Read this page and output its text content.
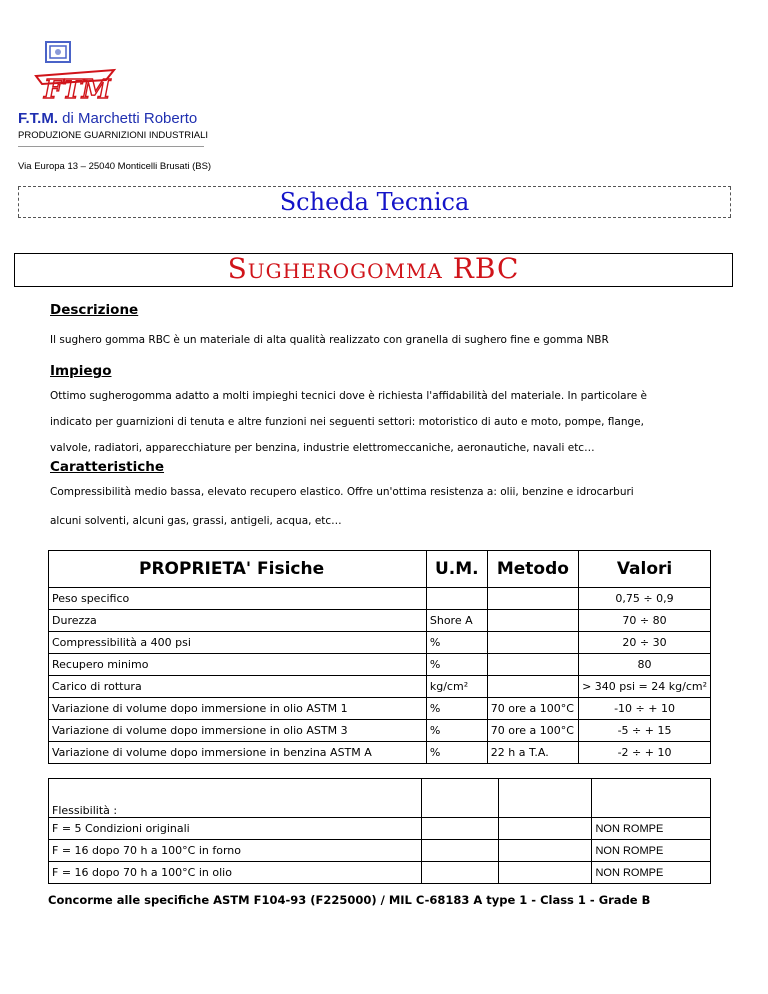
FTM
F.T.M. di Marchetti Roberto
PRODUZIONE GUARNIZIONI INDUSTRIALI
Via Europa 13 – 25040 Monticelli Brusati (BS)
Scheda Tecnica
Sugherogomma RBC
Descrizione
Il sughero gomma RBC è un materiale di alta qualità realizzato con granella di sughero fine e gomma NBR
Impiego
Ottimo sugherogomma adatto a molti impieghi tecnici dove è richiesta l'affidabilità del materiale. In particolare è
indicato per guarnizioni di tenuta e altre funzioni nei seguenti settori: motoristico di auto e moto, pompe, flange,
valvole, radiatori, apparecchiature per benzina, industrie elettromeccaniche, aeronautiche, navali etc…
Caratteristiche
Compressibilità medio bassa, elevato recupero elastico. Offre un'ottima resistenza a: olii, benzine e idrocarburi
alcuni solventi, alcuni gas, grassi, antigeli, acqua, etc…
PROPRIETA' Fisiche	U.M.	Metodo	Valori
Peso specifico			0,75 ÷ 0,9
Durezza	Shore A		70 ÷ 80
Compressibilità a 400 psi	%		20 ÷ 30
Recupero minimo	%		80
Carico di rottura	kg/cm²		> 340 psi = 24 kg/cm²
Variazione di volume dopo immersione in olio ASTM 1	%	70 ore a 100°C	-10 ÷ + 10
Variazione di volume dopo immersione in olio ASTM 3	%	70 ore a 100°C	-5 ÷ + 15
Variazione di volume dopo immersione in benzina ASTM A	%	22 h a T.A.	-2 ÷ + 10
Flessibilità :			
F = 5 Condizioni originali			NON ROMPE
F = 16 dopo 70 h a 100°C in forno			NON ROMPE
F = 16 dopo 70 h a 100°C in olio			NON ROMPE
Concorme alle specifiche ASTM F104-93 (F225000) / MIL C-68183 A type 1 - Class 1 - Grade B
